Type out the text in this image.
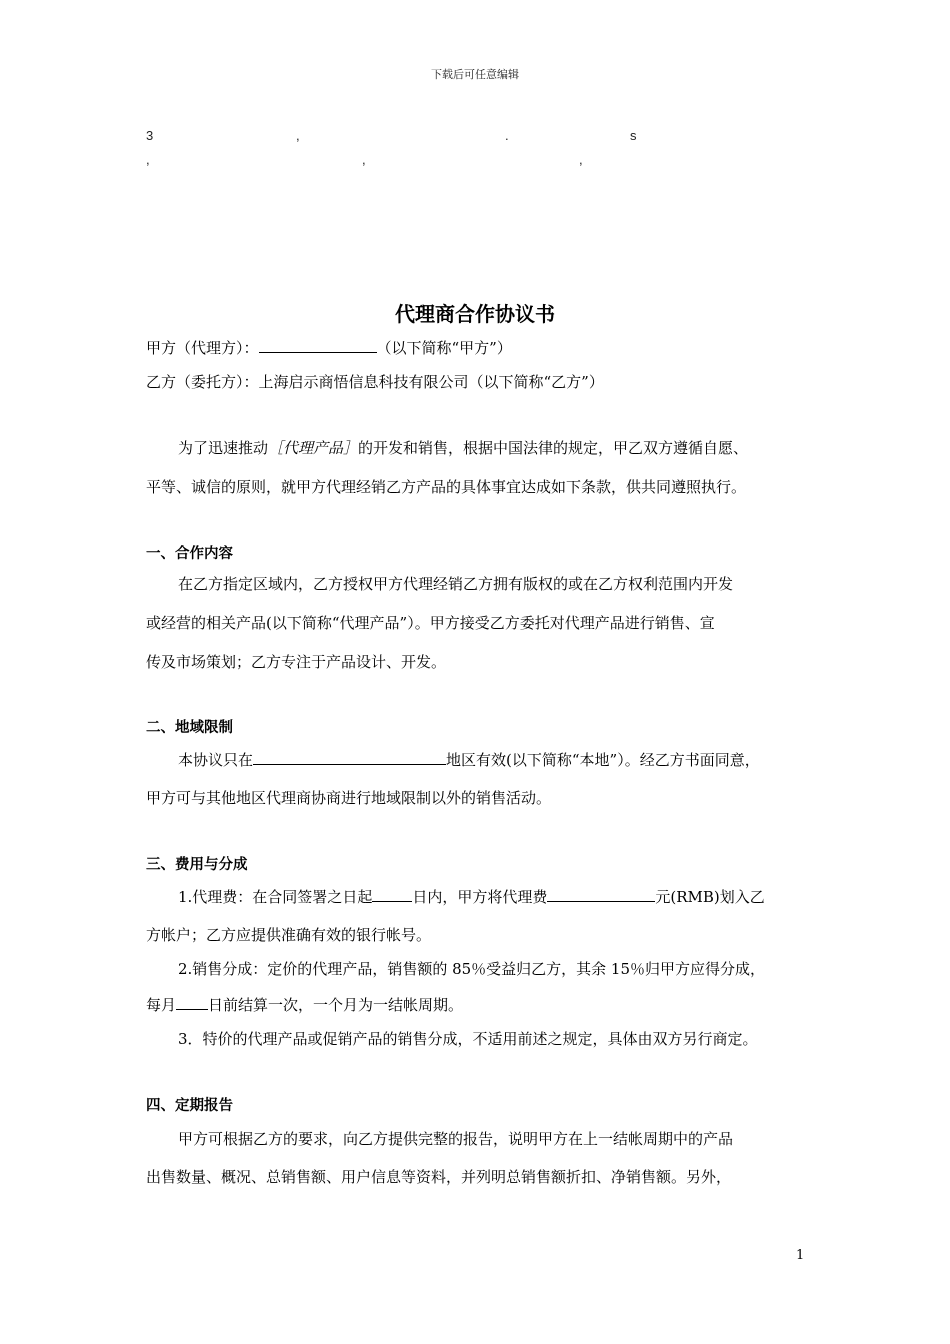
下载后可任意编辑
3	,	.	s
,	,	,
代理商合作协议书
甲方（代理方）：	（以下简称“甲方”）
乙方（委托方）：上海启示商悟信息科技有限公司（以下简称“乙方”）
为了迅速推动［代理产品］的开发和销售，根据中国法律的规定，甲乙双方遵循自愿、
平等、诚信的原则，就甲方代理经销乙方产品的具体事宜达成如下条款，供共同遵照执行。
一、合作内容
在乙方指定区域内，乙方授权甲方代理经销乙方拥有版权的或在乙方权利范围内开发
或经营的相关产品(以下简称“代理产品”）。甲方接受乙方委托对代理产品进行销售、宣
传及市场策划；乙方专注于产品设计、开发。
二、地域限制
本协议只在	地区有效(以下简称“本地”）。经乙方书面同意，
甲方可与其他地区代理商协商进行地域限制以外的销售活动。
三、费用与分成
1.代理费：在合同签署之日起	日内，甲方将代理费	元(RMB)划入乙
方帐户；乙方应提供准确有效的银行帐号。
2.销售分成：定价的代理产品，销售额的 85％受益归乙方，其余 15％归甲方应得分成，
每月 日前结算一次，一个月为一结帐周期。
3．特价的代理产品或促销产品的销售分成，不适用前述之规定，具体由双方另行商定。
四、定期报告
甲方可根据乙方的要求，向乙方提供完整的报告，说明甲方在上一结帐周期中的产品
出售数量、概况、总销售额、用户信息等资料，并列明总销售额折扣、净销售额。另外，
1
